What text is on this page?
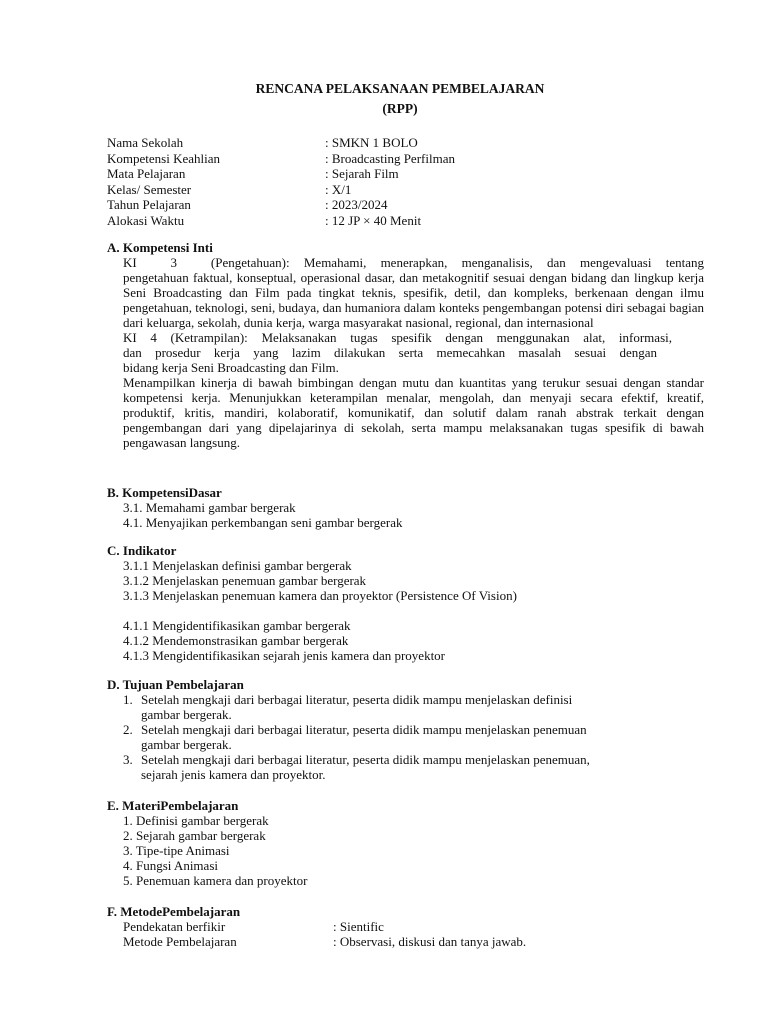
RENCANA PELAKSANAAN PEMBELAJARAN
(RPP)
Nama Sekolah	: SMKN 1 BOLO
Kompetensi Keahlian	: Broadcasting Perfilman
Mata Pelajaran	: Sejarah Film
Kelas/ Semester	: X/1
Tahun Pelajaran	: 2023/2024
Alokasi Waktu	: 12 JP × 40 Menit
A. Kompetensi Inti
KI 3 (Pengetahuan): Memahami, menerapkan, menganalisis, dan mengevaluasi tentang
pengetahuan faktual, konseptual, operasional dasar, dan metakognitif sesuai dengan bidang dan lingkup kerja Seni Broadcasting dan Film pada tingkat teknis, spesifik, detil, dan kompleks, berkenaan dengan ilmu pengetahuan, teknologi, seni, budaya, dan humaniora dalam konteks pengembangan potensi diri sebagai bagian dari keluarga, sekolah, dunia kerja, warga masyarakat nasional, regional, dan internasional
KI 4 (Ketrampilan): Melaksanakan tugas spesifik dengan menggunakan alat, informasi,
dan prosedur kerja yang lazim dilakukan serta memecahkan masalah sesuai dengan
bidang kerja Seni Broadcasting dan Film.
Menampilkan kinerja di bawah bimbingan dengan mutu dan kuantitas yang terukur sesuai dengan standar kompetensi kerja. Menunjukkan keterampilan menalar, mengolah, dan menyaji secara efektif, kreatif, produktif, kritis, mandiri, kolaboratif, komunikatif, dan solutif dalam ranah abstrak terkait dengan pengembangan dari yang dipelajarinya di sekolah, serta mampu melaksanakan tugas spesifik di bawah pengawasan langsung.
B. KompetensiDasar
3.1. Memahami gambar bergerak
4.1. Menyajikan perkembangan seni gambar bergerak
C. Indikator
3.1.1 Menjelaskan definisi gambar bergerak
3.1.2 Menjelaskan penemuan gambar bergerak
3.1.3 Menjelaskan penemuan kamera dan proyektor (Persistence Of Vision)
4.1.1 Mengidentifikasikan gambar bergerak
4.1.2 Mendemonstrasikan gambar bergerak
4.1.3 Mengidentifikasikan sejarah jenis kamera dan proyektor
D. Tujuan Pembelajaran
1. Setelah mengkaji dari berbagai literatur, peserta didik mampu menjelaskan definisi
gambar bergerak.
2. Setelah mengkaji dari berbagai literatur, peserta didik mampu menjelaskan penemuan
gambar bergerak.
3. Setelah mengkaji dari berbagai literatur, peserta didik mampu menjelaskan penemuan,
sejarah jenis kamera dan proyektor.
E. MateriPembelajaran
1. Definisi gambar bergerak
2. Sejarah gambar bergerak
3. Tipe-tipe Animasi
4. Fungsi Animasi
5. Penemuan kamera dan proyektor
F. MetodePembelajaran
Pendekatan berfikir	: Sientific
Metode Pembelajaran	: Observasi, diskusi dan tanya jawab.
